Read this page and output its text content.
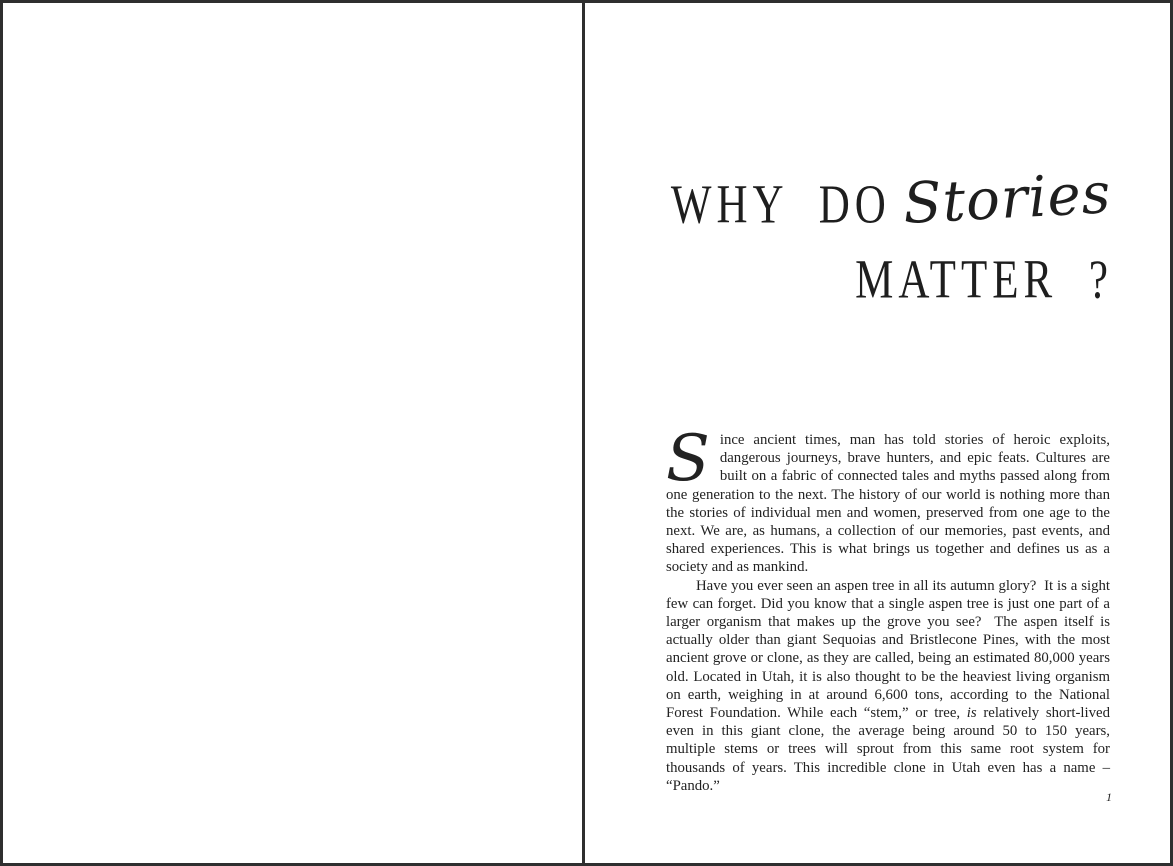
WHY DO Stories
MATTER ?

Since ancient times, man has told stories of heroic exploits, dangerous journeys, brave hunters, and epic feats. Cultures are built on a fabric of connected tales and myths passed along from one generation to the next. The history of our world is nothing more than the stories of individual men and women, preserved from one age to the next. We are, as humans, a collection of our memories, past events, and shared experiences. This is what brings us together and defines us as a society and as mankind.

Have you ever seen an aspen tree in all its autumn glory?  It is a sight few can forget. Did you know that a single aspen tree is just one part of a larger organism that makes up the grove you see?  The aspen itself is actually older than giant Sequoias and Bristlecone Pines, with the most ancient grove or clone, as they are called, being an estimated 80,000 years old. Located in Utah, it is also thought to be the heaviest living organism on earth, weighing in at around 6,600 tons, according to the National Forest Foundation. While each “stem,” or tree, is relatively short-lived even in this giant clone, the average being around 50 to 150 years, multiple stems or trees will sprout from this same root system for thousands of years. This incredible clone in Utah even has a name – “Pando.”

1
